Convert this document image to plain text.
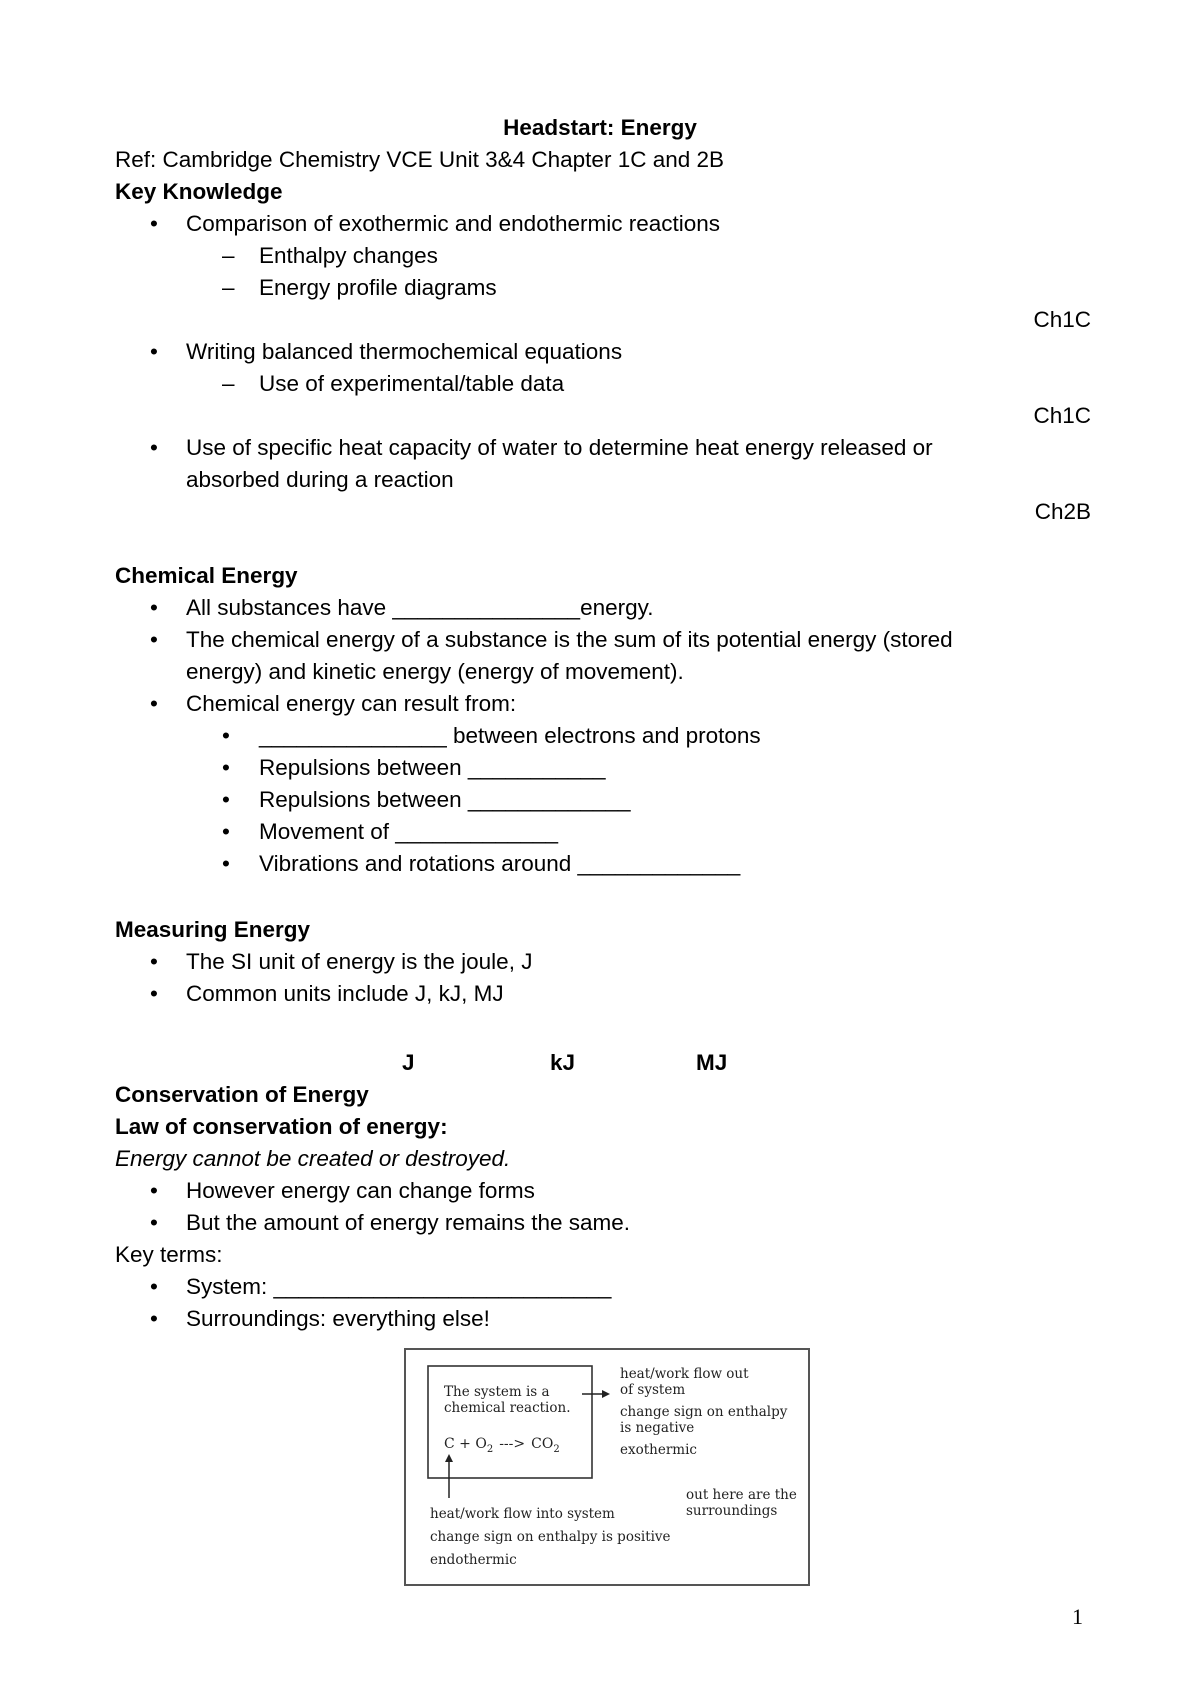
Headstart: Energy
Ref: Cambridge Chemistry VCE Unit 3&4 Chapter 1C and 2B
Key Knowledge
• Comparison of exothermic and endothermic reactions
– Enthalpy changes
– Energy profile diagrams
Ch1C
• Writing balanced thermochemical equations
– Use of experimental/table data
Ch1C
• Use of specific heat capacity of water to determine heat energy released or
absorbed during a reaction
Ch2B
Chemical Energy
• All substances have _______________energy.
• The chemical energy of a substance is the sum of its potential energy (stored
energy) and kinetic energy (energy of movement).
• Chemical energy can result from:
• _______________ between electrons and protons
• Repulsions between ___________
• Repulsions between _____________
• Movement of _____________
• Vibrations and rotations around _____________
Measuring Energy
• The SI unit of energy is the joule, J
• Common units include J, kJ, MJ
J	kJ	MJ
Conservation of Energy
Law of conservation of energy:
Energy cannot be created or destroyed.
• However energy can change forms
• But the amount of energy remains the same.
Key terms:
• System: ___________________________
• Surroundings: everything else!
The system is a
chemical reaction.
$C + O_2$ ---> $CO_2$
heat/work flow out
of system
change sign on enthalpy
is negative
exothermic
out here are the
surroundings
heat/work flow into system
change sign on enthalpy is positive
endothermic
1
